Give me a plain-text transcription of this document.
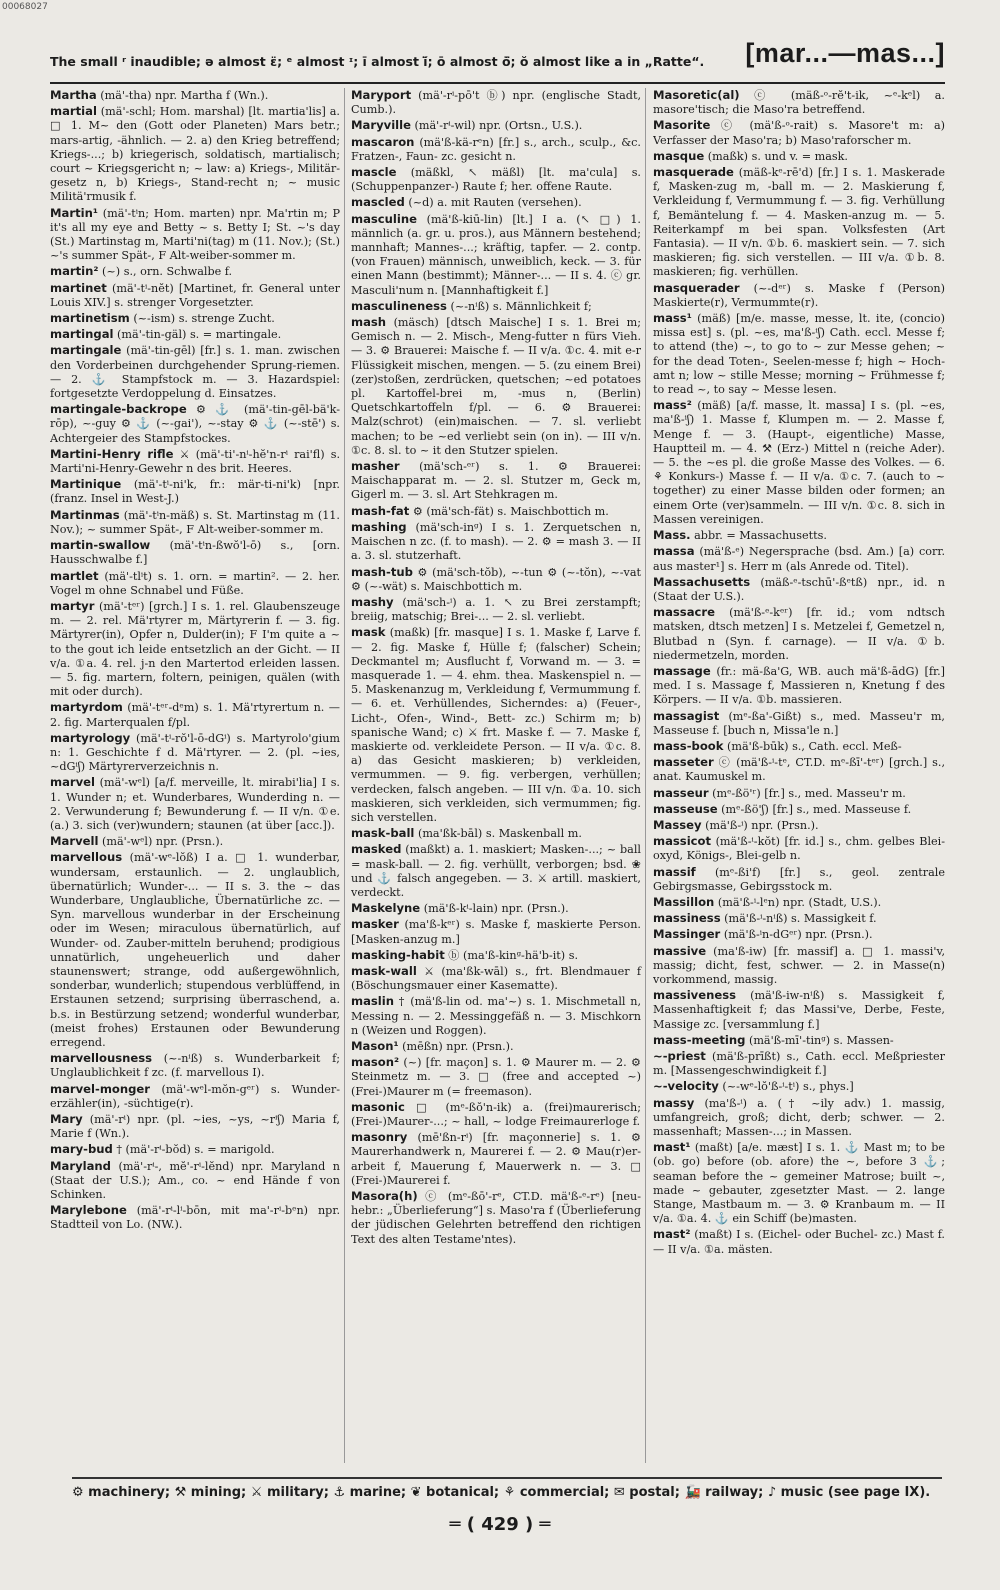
00068027
The small ʳ inaudible; ə almost ɛ̈; ᵉ almost ᶦ; ī almost ĭ̈; ō almost ō̈; ŏ almost like a in „Ratte“. [mar...—mas...]
Martha (mä'-tha) npr. Martha f (Wn.).
martial (mä'-schl; Hom. marshal) [lt. martia'lis] a. □ 1. M~ den (Gott oder Planeten) Mars betr.; mars-artig, -ähnlich. — 2. a) den Krieg betreffend; Kriegs-...; b) kriegerisch, soldatisch, martialisch; court ~ Kriegsgericht n; ~ law: a) Kriegs-, Militär-gesetz n, b) Kriegs-, Stand-recht n; ~ music Militä'rmusik f.
Martin¹ (mä'-tⁱn; Hom. marten) npr. Ma'rtin m; P it's all my eye and Betty ~ s. Betty I; St. ~'s day (St.) Martinstag m, Marti'ni(tag) m (11. Nov.); (St.) ~'s summer Spät-, F Alt-weiber-sommer m.
martin² (~) s., orn. Schwalbe f.
martinet (mä'-tⁱ-nĕt) [Martinet, fr. General unter Louis XIV.] s. strenger Vorgesetzter.
martinetism (~-ism) s. strenge Zucht.
martingal (mä'-tin-gäl) s. = martingale.
martingale (mä'-tin-gēl) [fr.] s. 1. man. zwischen den Vorderbeinen durchgehender Sprung-riemen. — 2. ⚓ Stampfstock m. — 3. Hazardspiel: fortgesetzte Verdoppelung d. Einsatzes.
martingale-backrope ⚙ ⚓ (mä'-tin-gēl-bä'k-rōp), ~-guy ⚙ ⚓ (~-gai'), ~-stay ⚙ ⚓ (~-stē') s. Achtergeier des Stampfstockes.
Martini-Henry rifle ⚔ (mä'-ti'-nⁱ-hĕ'n-rⁱ rai'fl) s. Marti'ni-Henry-Gewehr n des brit. Heeres.
Martinique (mä'-tⁱ-ni'k, fr.: mär-ti-ni'k) [npr. (franz. Insel in West-J.)
Martinmas (mä'-tⁱn-mäß) s. St. Martinstag m (11. Nov.); ~ summer Spät-, F Alt-weiber-sommer m.
martin-swallow (mä'-tⁱn-ßwŏ'l-ō) s., [orn. Hausschwalbe f.]
martlet (mä'-tlⁱt) s. 1. orn. = martin². — 2. her. Vogel m ohne Schnabel und Füße.
martyr (mä'-tᵉʳ) [grch.] I s. 1. rel. Glaubenszeuge m. — 2. rel. Mä'rtyrer m, Märtyrerin f. — 3. fig. Märtyrer(in), Opfer n, Dulder(in); F I'm quite a ~ to the gout ich leide entsetzlich an der Gicht. — II v/a. ①a. 4. rel. j-n den Martertod erleiden lassen. — 5. fig. martern, foltern, peinigen, quälen (with mit oder durch).
martyrdom (mä'-tᵉʳ-dᵉm) s. 1. Mä'rtyrertum n. — 2. fig. Marterqualen f/pl.
martyrology (mä'-tⁱ-rŏ'l-ō-dGⁱ) s. Martyrolo'gium n: 1. Geschichte f d. Mä'rtyrer. — 2. (pl. ~ies, ~dGⁱʃ) Märtyrerverzeichnis n.
marvel (mä'-wᵉl) [a/f. merveille, lt. mirabi'lia] I s. 1. Wunder n; et. Wunderbares, Wunderding n. — 2. Verwunderung f; Bewunderung f. — II v/n. ①e.(a.) 3. sich (ver)wundern; staunen (at über [acc.]).
Marvell (mä'-wᵉl) npr. (Prsn.).
marvellous (mä'-wᵉ-lŏß) I a. □ 1. wunderbar, wundersam, erstaunlich. — 2. unglaublich, übernatürlich; Wunder-... — II s. 3. the ~ das Wunderbare, Unglaubliche, Übernatürliche zc. — Syn. marvellous wunderbar in der Erscheinung oder im Wesen; miraculous übernatürlich, auf Wunder- od. Zauber-mitteln beruhend; prodigious unnatürlich, ungeheuerlich und daher staunenswert; strange, odd außergewöhnlich, sonderbar, wunderlich; stupendous verblüffend, in Erstaunen setzend; surprising überraschend, a. b.s. in Bestürzung setzend; wonderful wunderbar, (meist frohes) Erstaunen oder Bewunderung erregend.
marvellousness (~-nⁱß) s. Wunderbarkeit f; Unglaublichkeit f zc. (f. marvellous I).
marvel-monger (mä'-wᵉl-mŏn-gᵉʳ) s. Wunder-erzähler(in), -süchtige(r).
Mary (mä'-rⁱ) npr. (pl. ~ies, ~ys, ~rⁱʃ) Maria f, Marie f (Wn.).
mary-bud † (mä'-rⁱ-bŏd) s. = marigold.
Maryland (mä'-rⁱ-, mĕ'-rⁱ-lĕnd) npr. Maryland n (Staat der U.S.); Am., co. ~ end Hände f von Schinken.
Marylebone (mä'-rⁱ-lⁱ-bōn, mit ma'-rⁱ-bᵉn) npr. Stadtteil von Lo. (NW.).
Maryport (mä'-rⁱ-pō't ⓑ) npr. (englische Stadt, Cumb.).
Maryville (mä'-rⁱ-wil) npr. (Ortsn., U.S.).
mascaron (mä'ß-kä-rᵉn) [fr.] s., arch., sculp., &c. Fratzen-, Faun- zc. gesicht n.
mascle (mäßkl, ↖ mäßl) [lt. ma'cula] s. (Schuppenpanzer-) Raute f; her. offene Raute.
mascled (~d) a. mit Rauten (versehen).
masculine (mä'ß-kiū-lin) [lt.] I a. (↖ □) 1. männlich (a. gr. u. pros.), aus Männern bestehend; mannhaft; Mannes-...; kräftig, tapfer. — 2. contp. (von Frauen) männisch, unweiblich, keck. — 3. für einen Mann (bestimmt); Männer-... — II s. 4. ⓒ gr. Masculi'num n. [Mannhaftigkeit f.]
masculineness (~-nⁱß) s. Männlichkeit f;
mash (mäsch) [dtsch Maische] I s. 1. Brei m; Gemisch n. — 2. Misch-, Meng-futter n fürs Vieh. — 3. ⚙ Brauerei: Maische f. — II v/a. ①c. 4. mit e-r Flüssigkeit mischen, mengen. — 5. (zu einem Brei) (zer)stoßen, zerdrücken, quetschen; ~ed potatoes pl. Kartoffel-brei m, -mus n, (Berlin) Quetschkartoffeln f/pl. — 6. ⚙ Brauerei: Malz(schrot) (ein)maischen. — 7. sl. verliebt machen; to be ~ed verliebt sein (on in). — III v/n. ①c. 8. sl. to ~ it den Stutzer spielen.
masher (mä'sch-ᵉʳ) s. 1. ⚙ Brauerei: Maischapparat m. — 2. sl. Stutzer m, Geck m, Gigerl m. — 3. sl. Art Stehkragen m.
mash-fat ⚙ (mä'sch-fät) s. Maischbottich m.
mashing (mä'sch-inᵍ) I s. 1. Zerquetschen n, Maischen n zc. (f. to mash). — 2. ⚙ = mash 3. — II a. 3. sl. stutzerhaft.
mash-tub ⚙ (mä'sch-tŏb), ~-tun ⚙ (~-tŏn), ~-vat ⚙ (~-wät) s. Maischbottich m.
mashy (mä'sch-ⁱ) a. 1. ↖ zu Brei zerstampft; breiig, matschig; Brei-... — 2. sl. verliebt.
mask (maßk) [fr. masque] I s. 1. Maske f, Larve f. — 2. fig. Maske f, Hülle f; (falscher) Schein; Deckmantel m; Ausflucht f, Vorwand m. — 3. = masquerade 1. — 4. ehm. thea. Maskenspiel n. — 5. Maskenanzug m, Verkleidung f, Vermummung f. — 6. et. Verhüllendes, Sicherndes: a) (Feuer-, Licht-, Ofen-, Wind-, Bett- zc.) Schirm m; b) spanische Wand; c) ⚔ frt. Maske f. — 7. Maske f, maskierte od. verkleidete Person. — II v/a. ①c. 8. a) das Gesicht maskieren; b) verkleiden, vermummen. — 9. fig. verbergen, verhüllen; verdecken, falsch angeben. — III v/n. ①a. 10. sich maskieren, sich verkleiden, sich vermummen; fig. sich verstellen.
mask-ball (ma'ßk-bāl) s. Maskenball m.
masked (maßkt) a. 1. maskiert; Masken-...; ~ ball = mask-ball. — 2. fig. verhüllt, verborgen; bsd. ❀ und ⚓ falsch angegeben. — 3. ⚔ artill. maskiert, verdeckt.
Maskelyne (mä'ß-kⁱ-lain) npr. (Prsn.).
masker (ma'ß-kᵉʳ) s. Maske f, maskierte Person. [Masken-anzug m.]
masking-habit ⓑ (ma'ß-kinᵍ-hä'b-it) s.
mask-wall ⚔ (ma'ßk-wāl) s., frt. Blendmauer f (Böschungsmauer einer Kasematte).
maslin † (mä'ß-lin od. ma'~) s. 1. Mischmetall n, Messing n. — 2. Messinggefäß n. — 3. Mischkorn n (Weizen und Roggen).
Mason¹ (mēßn) npr. (Prsn.).
mason² (~) [fr. maçon] s. 1. ⚙ Maurer m. — 2. ⚙ Steinmetz m. — 3. □ (free and accepted ~) (Frei-)Maurer m (= freemason).
masonic □ (mᵉ-ßŏ'n-ik) a. (frei)maurerisch; (Frei-)Maurer-...; ~ hall, ~ lodge Freimaurerloge f.
masonry (mē'ßn-rⁱ) [fr. maçonnerie] s. 1. ⚙ Maurerhandwerk n, Maurerei f. — 2. ⚙ Mau(r)er-arbeit f, Mauerung f, Mauerwerk n. — 3. □ (Frei-)Maurerei f.
Masora(h) ⓒ (mᵉ-ßō'-rᵉ, CT.D. mä'ß-ᵉ-rᵉ) [neu-hebr.: „Überlieferung“] s. Maso'ra f (Überlieferung der jüdischen Gelehrten betreffend den richtigen Text des alten Testame'ntes).
Masoretic(al) ⓒ (mäß-ᵒ-rĕ't-ik, ~ᵉ-kᵉl) a. masore'tisch; die Maso'ra betreffend.
Masorite ⓒ (mä'ß-ᵒ-rait) s. Masore't m: a) Verfasser der Maso'ra; b) Maso'raforscher m.
masque (maßk) s. und v. = mask.
masquerade (mäß-kᵉ-rē'd) [fr.] I s. 1. Maskerade f, Masken-zug m, -ball m. — 2. Maskierung f, Verkleidung f, Vermummung f. — 3. fig. Verhüllung f, Bemäntelung f. — 4. Masken-anzug m. — 5. Reiterkampf m bei span. Volksfesten (Art Fantasia). — II v/n. ①b. 6. maskiert sein. — 7. sich maskieren; fig. sich verstellen. — III v/a. ①b. 8. maskieren; fig. verhüllen.
masquerader (~-dᵉʳ) s. Maske f (Person) Maskierte(r), Vermummte(r).
mass¹ (mäß) [m/e. masse, messe, lt. ite, (concio) missa est] s. (pl. ~es, ma'ß-ⁱʃ) Cath. eccl. Messe f; to attend (the) ~, to go to ~ zur Messe gehen; ~ for the dead Toten-, Seelen-messe f; high ~ Hoch-amt n; low ~ stille Messe; morning ~ Frühmesse f; to read ~, to say ~ Messe lesen.
mass² (mäß) [a/f. masse, lt. massa] I s. (pl. ~es, ma'ß-ⁱʃ) 1. Masse f, Klumpen m. — 2. Masse f, Menge f. — 3. (Haupt-, eigentliche) Masse, Hauptteil m. — 4. ⚒ (Erz-) Mittel n (reiche Ader). — 5. the ~es pl. die große Masse des Volkes. — 6. ⚘ Konkurs-) Masse f. — II v/a. ①c. 7. (auch to ~ together) zu einer Masse bilden oder formen; an einem Orte (ver)sammeln. — III v/n. ①c. 8. sich in Massen vereinigen.
Mass. abbr. = Massachusetts.
massa (mä'ß-ᵉ) Negersprache (bsd. Am.) [a) corr. aus master¹] s. Herr m (als Anrede od. Titel).
Massachusetts (mäß-ᵉ-tschū'-ßᵉtß) npr., id. n (Staat der U.S.).
massacre (mä'ß-ᵉ-kᵉʳ) [fr. id.; vom ndtsch matsken, dtsch metzen] I s. Metzelei f, Gemetzel n, Blutbad n (Syn. f. carnage). — II v/a. ①b. niedermetzeln, morden.
massage (fr.: mä-ßa'G, WB. auch mä'ß-ādG) [fr.] med. I s. Massage f, Massieren n, Knetung f des Körpers. — II v/a. ①b. massieren.
massagist (mᵉ-ßa'-Gißt) s., med. Masseu'r m, Masseuse f. [buch n, Missa'le n.]
mass-book (mä'ß-būk) s., Cath. eccl. Meß-
masseter ⓒ (mä'ß-ⁱ-tᵉ, CT.D. mᵉ-ßī'-tᵉʳ) [grch.] s., anat. Kaumuskel m.
masseur (mᵉ-ßö'ʳ) [fr.] s., med. Masseu'r m.
masseuse (mᵉ-ßö'ʃ) [fr.] s., med. Masseuse f.
Massey (mä'ß-ⁱ) npr. (Prsn.).
massicot (mä'ß-ⁱ-kŏt) [fr. id.] s., chm. gelbes Blei-oxyd, Königs-, Blei-gelb n.
massif (mᵉ-ßi'f) [fr.] s., geol. zentrale Gebirgsmasse, Gebirgsstock m.
Massillon (mä'ß-ⁱ-lᵉn) npr. (Stadt, U.S.).
massiness (mä'ß-ⁱ-nⁱß) s. Massigkeit f.
Massinger (mä'ß-ⁱn-dGᵉʳ) npr. (Prsn.).
massive (ma'ß-iw) [fr. massif] a. □ 1. massi'v, massig; dicht, fest, schwer. — 2. in Masse(n) vorkommend, massig.
massiveness (mä'ß-iw-nⁱß) s. Massigkeit f, Massenhaftigkeit f; das Massi've, Derbe, Feste, Massige zc. [versammlung f.]
mass-meeting (mä'ß-mī'-tinᵍ) s. Massen-
~-priest (mä'ß-prīßt) s., Cath. eccl. Meßpriester m. [Massengeschwindigkeit f.]
~-velocity (~-wᵉ-lŏ'ß-ⁱ-tⁱ) s., phys.]
massy (ma'ß-ⁱ) a. († ~ily adv.) 1. massig, umfangreich, groß; dicht, derb; schwer. — 2. massenhaft; Massen-...; in Massen.
mast¹ (maßt) [a/e. mæst] I s. 1. ⚓ Mast m; to be (ob. go) before (ob. afore) the ~, before 3 ⚓; seaman before the ~ gemeiner Matrose; built ~, made ~ gebauter, zgesetzter Mast. — 2. lange Stange, Mastbaum m. — 3. ⚙ Kranbaum m. — II v/a. ①a. 4. ⚓ ein Schiff (be)masten.
mast² (maßt) I s. (Eichel- oder Buchel- zc.) Mast f. — II v/a. ①a. mästen.
⚙ machinery; ⚒ mining; ⚔ military; ⚓ marine; ❦ botanical; ⚘ commercial; ✉ postal; 🚂 railway; ♪ music (see page IX).
═ ( 429 ) ═
